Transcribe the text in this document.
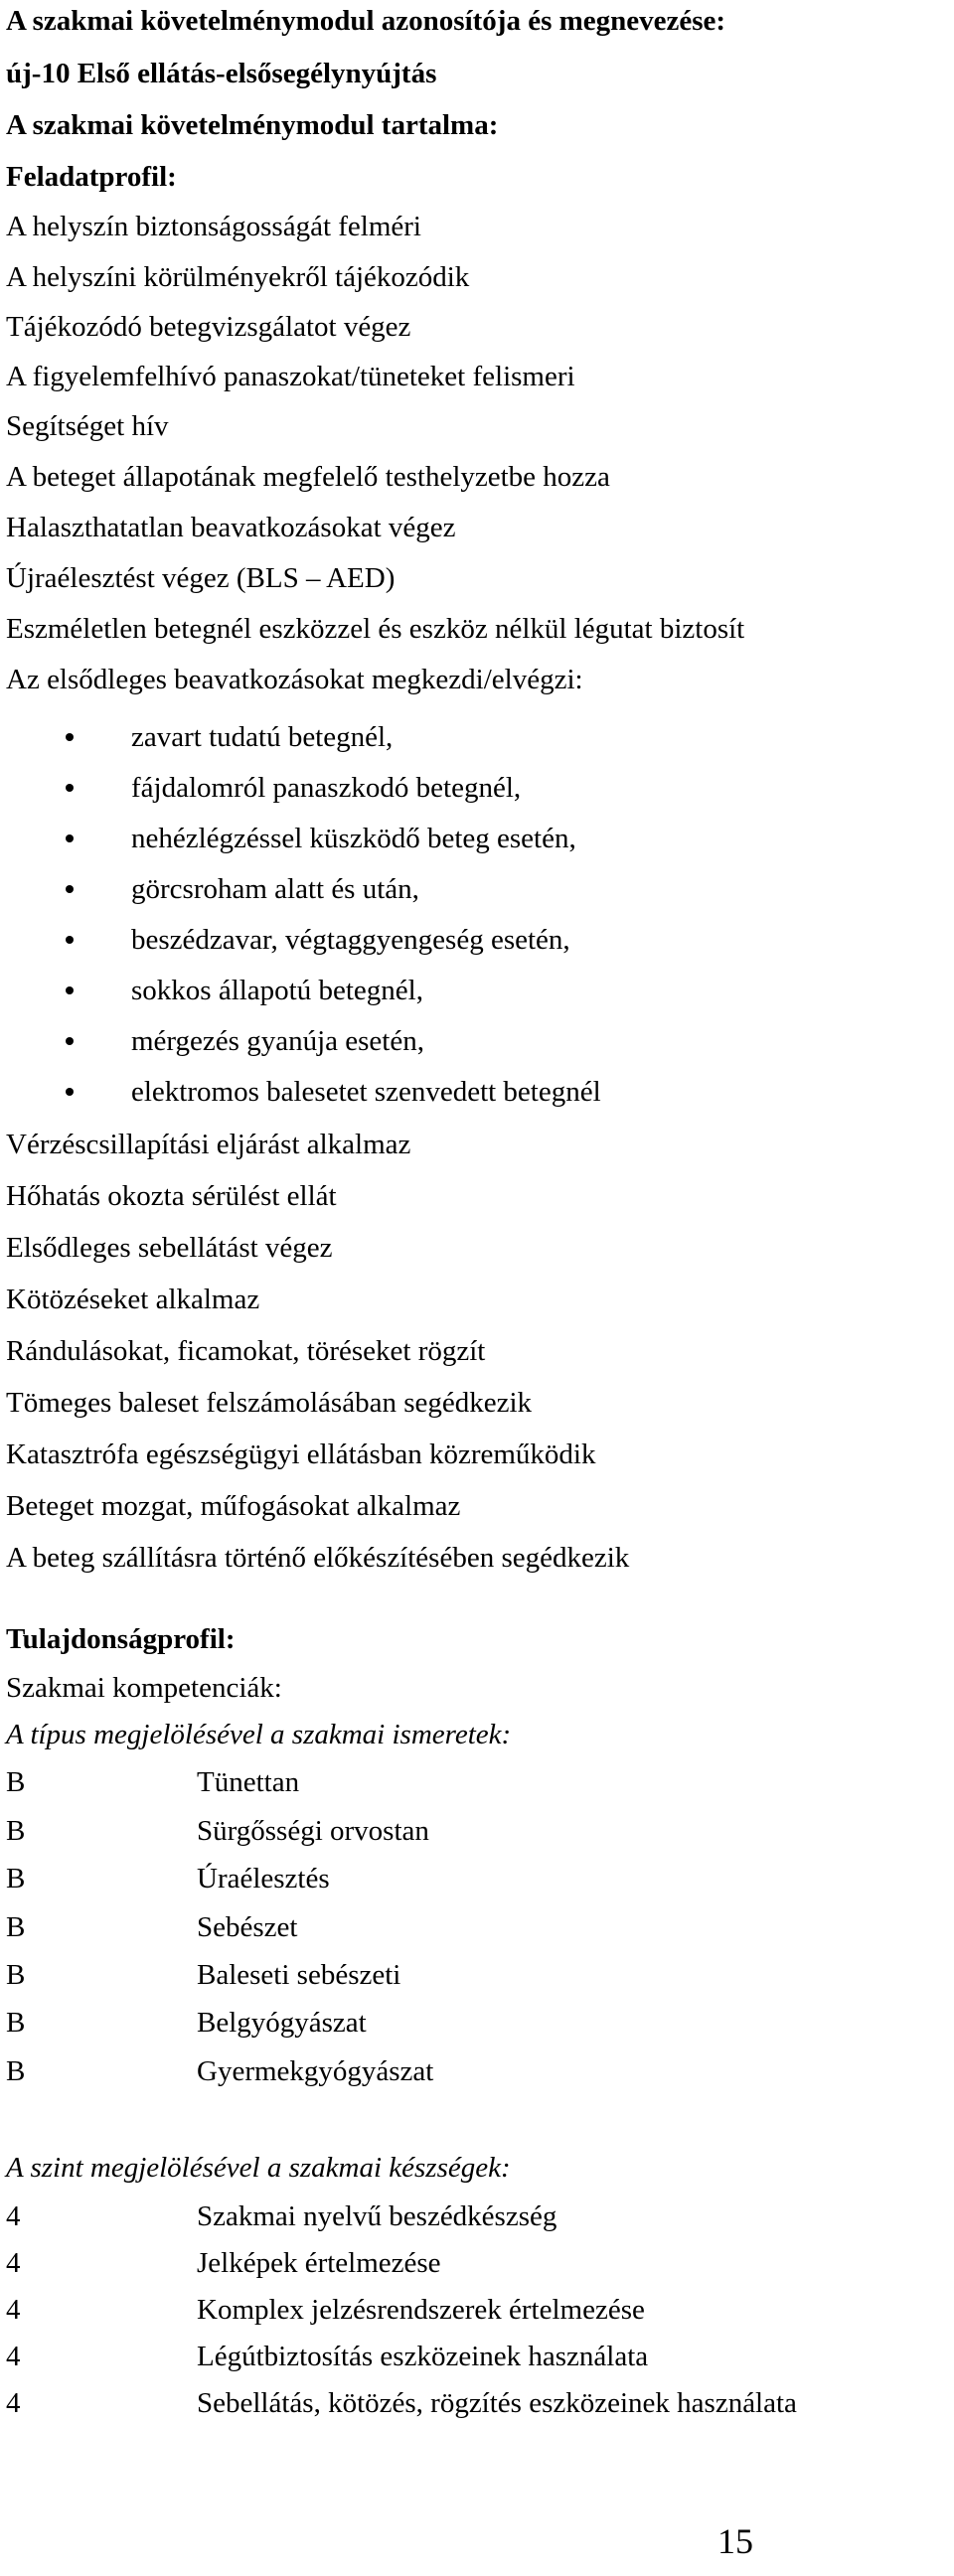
A szakmai követelménymodul azonosítója és megnevezése:
új-10 Első ellátás-elsősegélynyújtás
A szakmai követelménymodul tartalma:
Feladatprofil:
A helyszín biztonságosságát felméri
A helyszíni körülményekről tájékozódik
Tájékozódó betegvizsgálatot végez
A figyelemfelhívó panaszokat/tüneteket felismeri
Segítséget hív
A beteget állapotának megfelelő testhelyzetbe hozza
Halaszthatatlan beavatkozásokat végez
Újraélesztést végez (BLS – AED)
Eszméletlen betegnél eszközzel és eszköz nélkül légutat biztosít
Az elsődleges beavatkozásokat megkezdi/elvégzi:
zavart tudatú betegnél,
fájdalomról panaszkodó betegnél,
nehézlégzéssel küszködő beteg esetén,
görcsroham alatt és után,
beszédzavar, végtaggyengeség esetén,
sokkos állapotú betegnél,
mérgezés gyanúja esetén,
elektromos balesetet szenvedett betegnél
Vérzéscsillapítási eljárást alkalmaz
Hőhatás okozta sérülést ellát
Elsődleges sebellátást végez
Kötözéseket alkalmaz
Rándulásokat, ficamokat, töréseket rögzít
Tömeges baleset felszámolásában segédkezik
Katasztrófa egészségügyi ellátásban közreműködik
Beteget mozgat, műfogásokat alkalmaz
A beteg szállításra történő előkészítésében segédkezik
Tulajdonságprofil:
Szakmai kompetenciák:
A típus megjelölésével a szakmai ismeretek:
B	Tünettan
B	Sürgősségi orvostan
B	Úraélesztés
B	Sebészet
B	Baleseti sebészeti
B	Belgyógyászat
B	Gyermekgyógyászat
A szint megjelölésével a szakmai készségek:
4	Szakmai nyelvű beszédkészség
4	Jelképek értelmezése
4	Komplex jelzésrendszerek értelmezése
4	Légútbiztosítás eszközeinek használata
4	Sebellátás, kötözés, rögzítés eszközeinek használata
15
